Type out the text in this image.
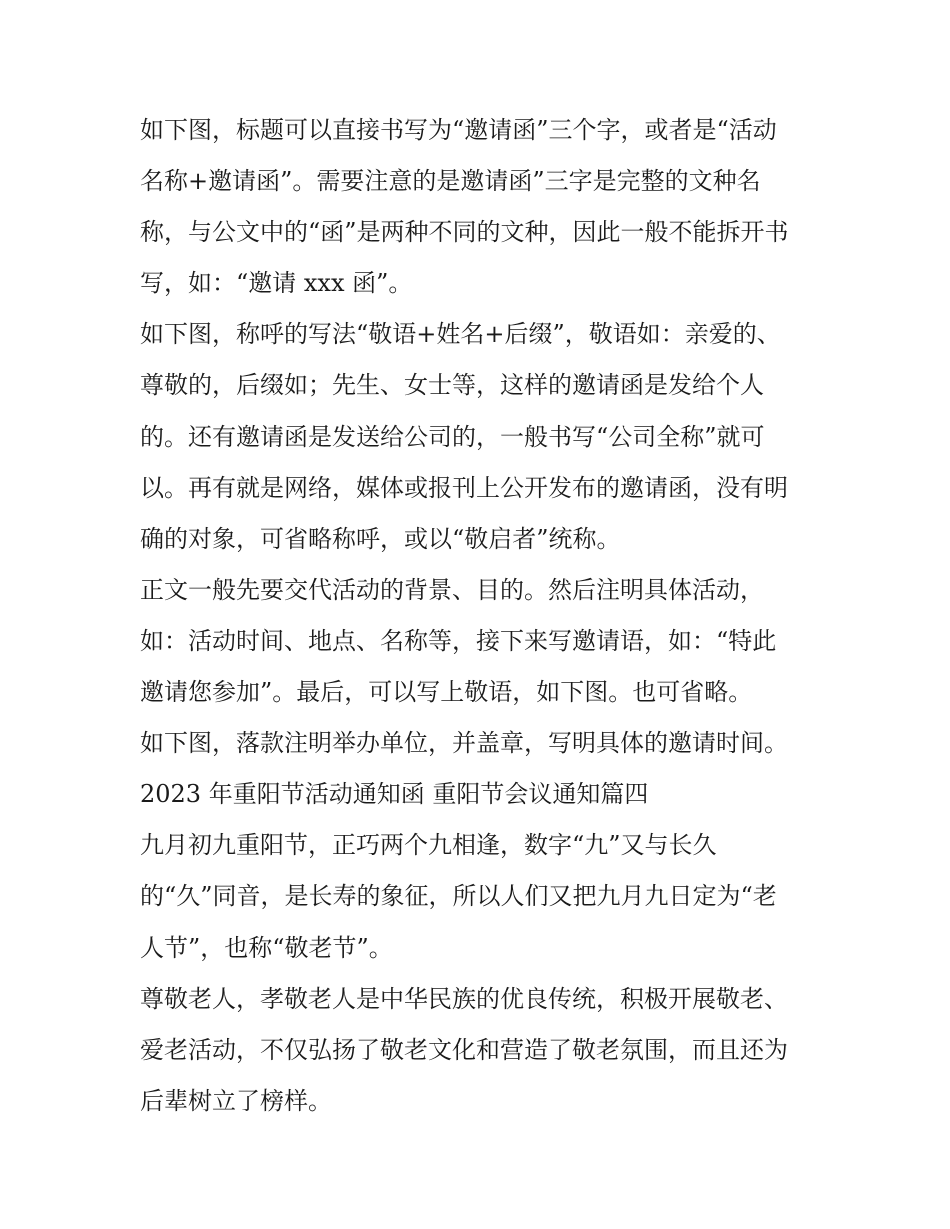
如下图，标题可以直接书写为“邀请函”三个字，或者是“活动
名称+邀请函”。需要注意的是邀请函”三字是完整的文种名
称，与公文中的“函”是两种不同的文种，因此一般不能拆开书
写，如：“邀请 xxx 函”。
如下图，称呼的写法“敬语+姓名+后缀”，敬语如：亲爱的、
尊敬的，后缀如；先生、女士等，这样的邀请函是发给个人
的。还有邀请函是发送给公司的，一般书写“公司全称”就可
以。再有就是网络，媒体或报刊上公开发布的邀请函，没有明
确的对象，可省略称呼，或以“敬启者”统称。
正文一般先要交代活动的背景、目的。然后注明具体活动，
如：活动时间、地点、名称等，接下来写邀请语，如：“特此
邀请您参加”。最后，可以写上敬语，如下图。也可省略。
如下图，落款注明举办单位，并盖章，写明具体的邀请时间。
2023 年重阳节活动通知函 重阳节会议通知篇四
九月初九重阳节，正巧两个九相逢，数字“九”又与长久
的“久”同音，是长寿的象征，所以人们又把九月九日定为“老
人节”，也称“敬老节”。
尊敬老人，孝敬老人是中华民族的优良传统，积极开展敬老、
爱老活动，不仅弘扬了敬老文化和营造了敬老氛围，而且还为
后辈树立了榜样。
